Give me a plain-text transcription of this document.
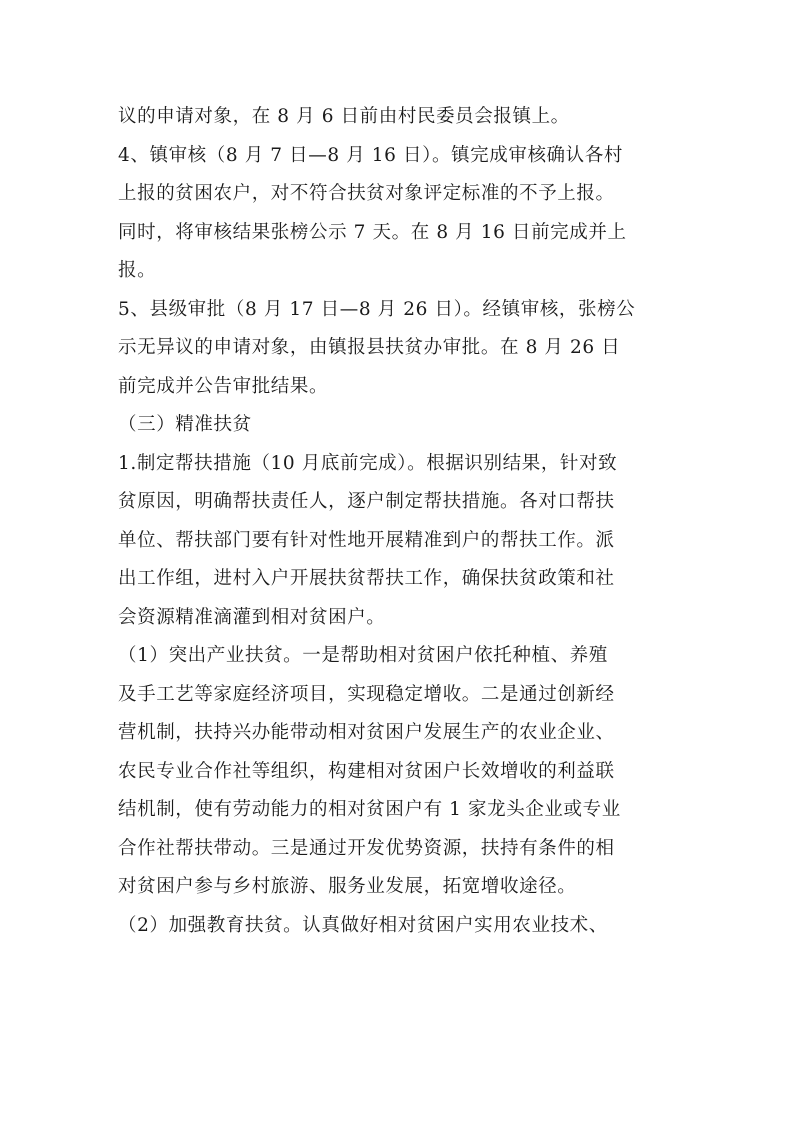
议的申请对象，在 8 月 6 日前由村民委员会报镇上。
4、镇审核（8 月 7 日—8 月 16 日）。镇完成审核确认各村
上报的贫困农户，对不符合扶贫对象评定标准的不予上报。
同时，将审核结果张榜公示 7 天。在 8 月 16 日前完成并上
报。
5、县级审批（8 月 17 日—8 月 26 日）。经镇审核，张榜公
示无异议的申请对象，由镇报县扶贫办审批。在 8 月 26 日
前完成并公告审批结果。
（三）精准扶贫
1.制定帮扶措施（10 月底前完成）。根据识别结果，针对致
贫原因，明确帮扶责任人，逐户制定帮扶措施。各对口帮扶
单位、帮扶部门要有针对性地开展精准到户的帮扶工作。派
出工作组，进村入户开展扶贫帮扶工作，确保扶贫政策和社
会资源精准滴灌到相对贫困户。
（1）突出产业扶贫。一是帮助相对贫困户依托种植、养殖
及手工艺等家庭经济项目，实现稳定增收。二是通过创新经
营机制，扶持兴办能带动相对贫困户发展生产的农业企业、
农民专业合作社等组织，构建相对贫困户长效增收的利益联
结机制，使有劳动能力的相对贫困户有 1 家龙头企业或专业
合作社帮扶带动。三是通过开发优势资源，扶持有条件的相
对贫困户参与乡村旅游、服务业发展，拓宽增收途径。
（2）加强教育扶贫。认真做好相对贫困户实用农业技术、
